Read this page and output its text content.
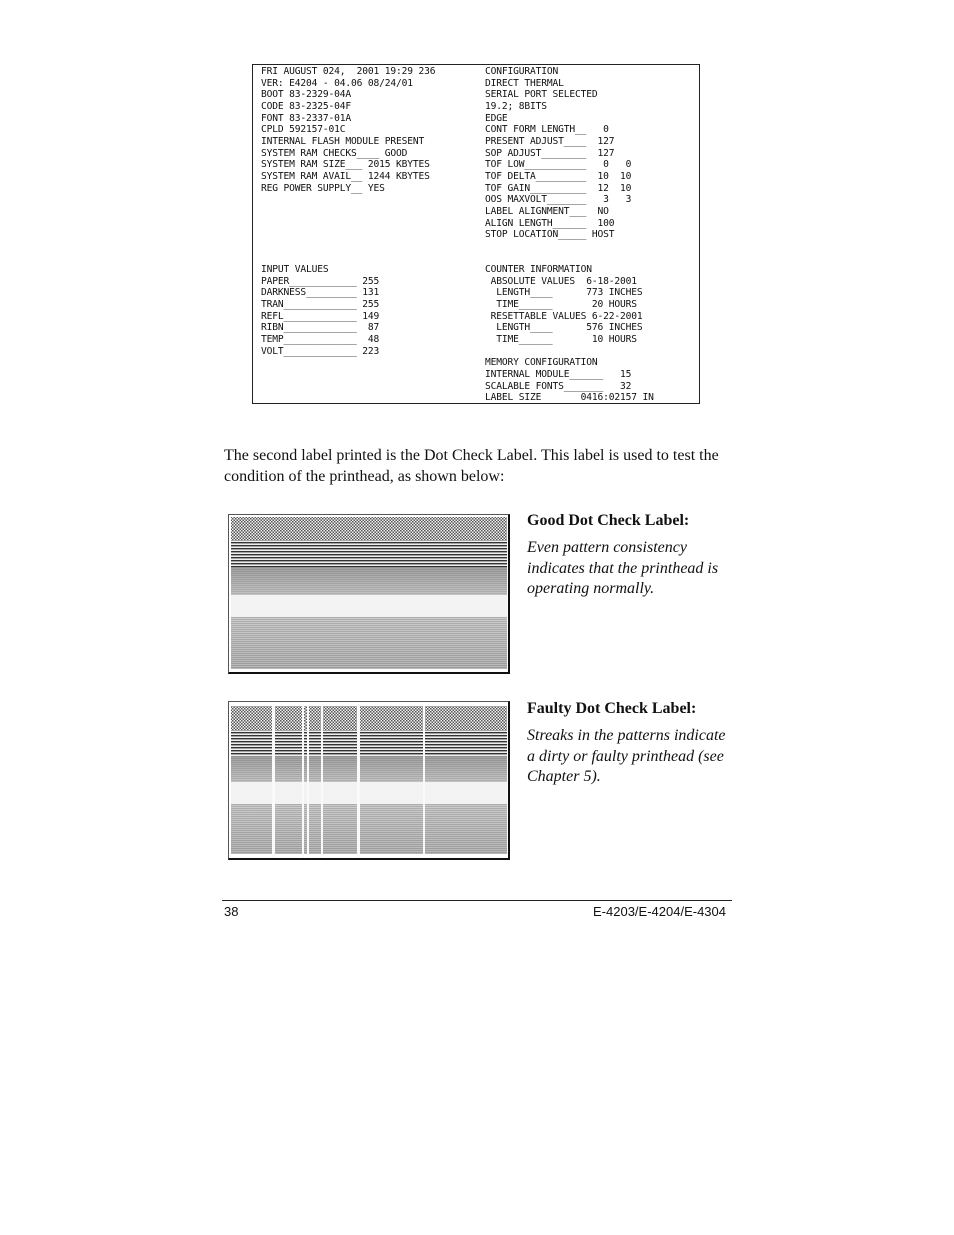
FRI AUGUST 024,  2001 19:29 236
VER: E4204 - 04.06 08/24/01
BOOT 83-2329-04A
CODE 83-2325-04F
FONT 83-2337-01A
CPLD 592157-01C
INTERNAL FLASH MODULE PRESENT
SYSTEM RAM CHECKS____ GOOD
SYSTEM RAM SIZE___ 2015 KBYTES
SYSTEM RAM AVAIL__ 1244 KBYTES
REG POWER SUPPLY__ YES

INPUT VALUES
PAPER____________ 255
DARKNESS_________ 131
TRAN_____________ 255
REFL_____________ 149
RIBN_____________  87
TEMP_____________  48
VOLT_____________ 223
CONFIGURATION
DIRECT THERMAL
SERIAL PORT SELECTED
19.2; 8BITS
EDGE
CONT FORM LENGTH__   0
PRESENT ADJUST____  127
SOP ADJUST________  127
TOF LOW___________   0   0
TOF DELTA_________  10  10
TOF GAIN__________  12  10
OOS MAXVOLT_______   3   3
LABEL ALIGNMENT___  NO
ALIGN LENGTH______  100
STOP LOCATION_____ HOST

COUNTER INFORMATION
ABSOLUTE VALUES  6-18-2001
LENGTH____      773 INCHES
TIME______       20 HOURS
RESETTABLE VALUES 6-22-2001
LENGTH____      576 INCHES
TIME______       10 HOURS

MEMORY CONFIGURATION
INTERNAL MODULE______   15
SCALABLE FONTS_______   32
LABEL SIZE       0416:02157 IN

The second label printed is the Dot Check Label. This label is used to test the condition of the printhead, as shown below:

Good Dot Check Label:

Even pattern consistency indicates that the printhead is operating normally.

Faulty Dot Check Label:

Streaks in the patterns indicate a dirty or faulty printhead (see Chapter 5).

38	E-4203/E-4204/E-4304
